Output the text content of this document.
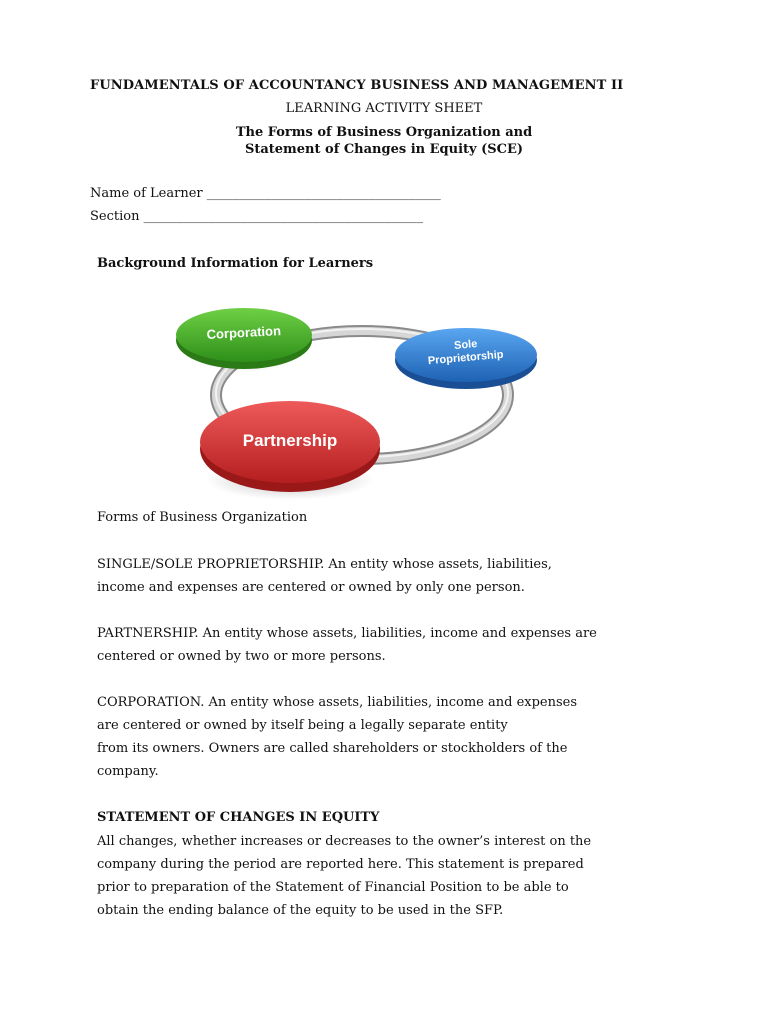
FUNDAMENTALS OF ACCOUNTANCY BUSINESS AND MANAGEMENT II

LEARNING ACTIVITY SHEET

The Forms of Business Organization and
Statement of Changes in Equity (SCE)

Name of Learner ____________________________________

Section ___________________________________________

Background Information for Learners

Corporation
Sole
Proprietorship
Partnership

Forms of Business Organization

SINGLE/SOLE PROPRIETORSHIP. An entity whose assets, liabilities,
income and expenses are centered or owned by only one person.
PARTNERSHIP. An entity whose assets, liabilities, income and expenses are
centered or owned by two or more persons.
CORPORATION. An entity whose assets, liabilities, income and expenses
are centered or owned by itself being a legally separate entity
from its owners. Owners are called shareholders or stockholders of the
company.

STATEMENT OF CHANGES IN EQUITY

All changes, whether increases or decreases to the owner’s interest on the
company during the period are reported here. This statement is prepared
prior to preparation of the Statement of Financial Position to be able to
obtain the ending balance of the equity to be used in the SFP.
